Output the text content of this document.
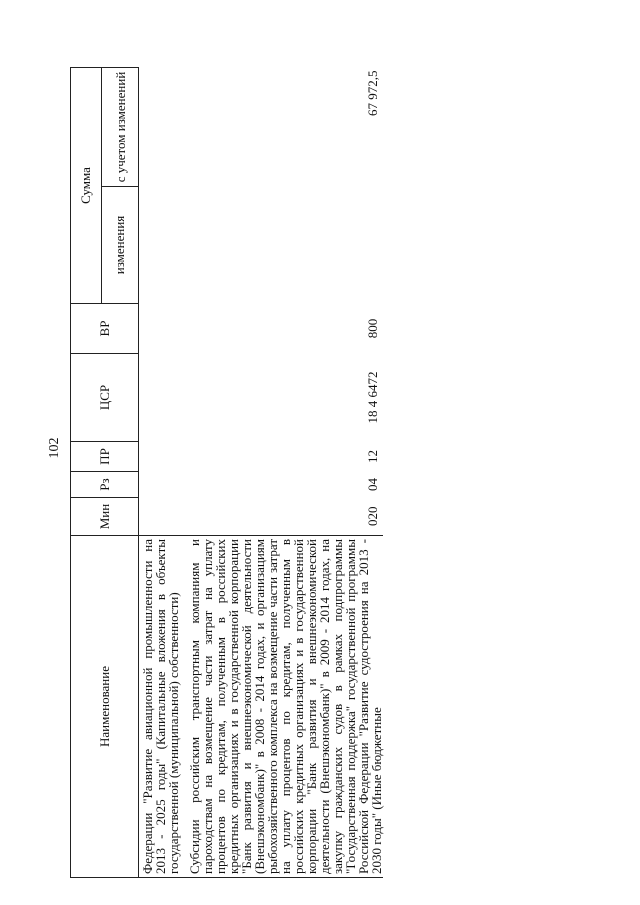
102
Наименование	Мин	Рз	ПР	ЦСР	ВР	Сумма	
						изменения	с учетом изменений
Федерации "Развитие авиационной промышленности на 2013 - 2025 годы" (Капитальные вложения в объекты государственной (муниципальной) собственности)							
Субсидии российским транспортным компаниям и пароходствам на возмещение части затрат на уплату процентов по кредитам, полученным в российских кредитных организациях и в государственной корпорации "Банк развития и внешнеэкономической деятельности (Внешэкономбанк)" в 2008 - 2014 годах, и организациям рыбохозяйственного комплекса на возмещение части затрат на уплату процентов по кредитам, полученным в российских кредитных организациях и в государственной корпорации "Банк развития и внешнеэкономической деятельности (Внешэкономбанк)" в 2009 - 2014 годах, на закупку гражданских судов в рамках подпрограммы "Государственная поддержка" государственной программы Российской Федерации "Развитие судостроения на 2013 - 2030 годы" (Иные бюджетные	020	04	12	18 4 6472	800		67 972,5
